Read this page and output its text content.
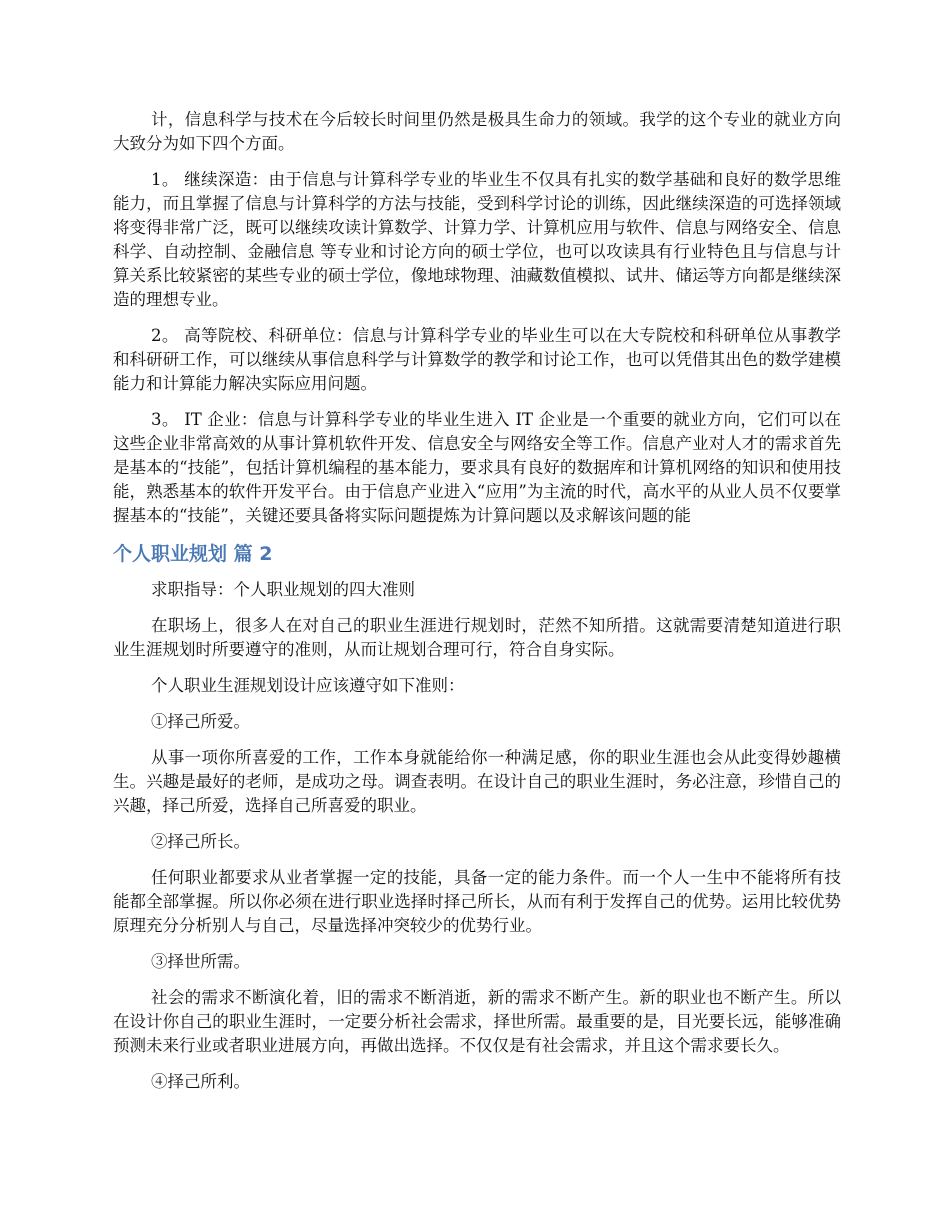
计，信息科学与技术在今后较长时间里仍然是极具生命力的领域。我学的这个专业的就业方向大致分为如下四个方面。

1。 继续深造：由于信息与计算科学专业的毕业生不仅具有扎实的数学基础和良好的数学思维能力，而且掌握了信息与计算科学的方法与技能，受到科学讨论的训练，因此继续深造的可选择领域将变得非常广泛，既可以继续攻读计算数学、计算力学、计算机应用与软件、信息与网络安全、信息科学、自动控制、金融信息 等专业和讨论方向的硕士学位，也可以攻读具有行业特色且与信息与计算关系比较紧密的某些专业的硕士学位，像地球物理、油藏数值模拟、试井、储运等方向都是继续深造的理想专业。

2。 高等院校、科研单位：信息与计算科学专业的毕业生可以在大专院校和科研单位从事教学和科研研工作，可以继续从事信息科学与计算数学的教学和讨论工作，也可以凭借其出色的数学建模能力和计算能力解决实际应用问题。

3。 IT 企业：信息与计算科学专业的毕业生进入 IT 企业是一个重要的就业方向，它们可以在这些企业非常高效的从事计算机软件开发、信息安全与网络安全等工作。信息产业对人才的需求首先是基本的“技能”，包括计算机编程的基本能力，要求具有良好的数据库和计算机网络的知识和使用技能，熟悉基本的软件开发平台。由于信息产业进入“应用”为主流的时代，高水平的从业人员不仅要掌握基本的“技能”，关键还要具备将实际问题提炼为计算问题以及求解该问题的能

个人职业规划 篇 2

求职指导：个人职业规划的四大准则

在职场上，很多人在对自己的职业生涯进行规划时，茫然不知所措。这就需要清楚知道进行职业生涯规划时所要遵守的准则，从而让规划合理可行，符合自身实际。

个人职业生涯规划设计应该遵守如下准则：

①择己所爱。

从事一项你所喜爱的工作，工作本身就能给你一种满足感，你的职业生涯也会从此变得妙趣横生。兴趣是最好的老师，是成功之母。调查表明。在设计自己的职业生涯时，务必注意，珍惜自己的兴趣，择己所爱，选择自己所喜爱的职业。

②择己所长。

任何职业都要求从业者掌握一定的技能，具备一定的能力条件。而一个人一生中不能将所有技能都全部掌握。所以你必须在进行职业选择时择己所长，从而有利于发挥自己的优势。运用比较优势原理充分分析别人与自己，尽量选择冲突较少的优势行业。

③择世所需。

社会的需求不断演化着，旧的需求不断消逝，新的需求不断产生。新的职业也不断产生。所以在设计你自己的职业生涯时，一定要分析社会需求，择世所需。最重要的是，目光要长远，能够准确预测未来行业或者职业进展方向，再做出选择。不仅仅是有社会需求，并且这个需求要长久。

④择己所利。
